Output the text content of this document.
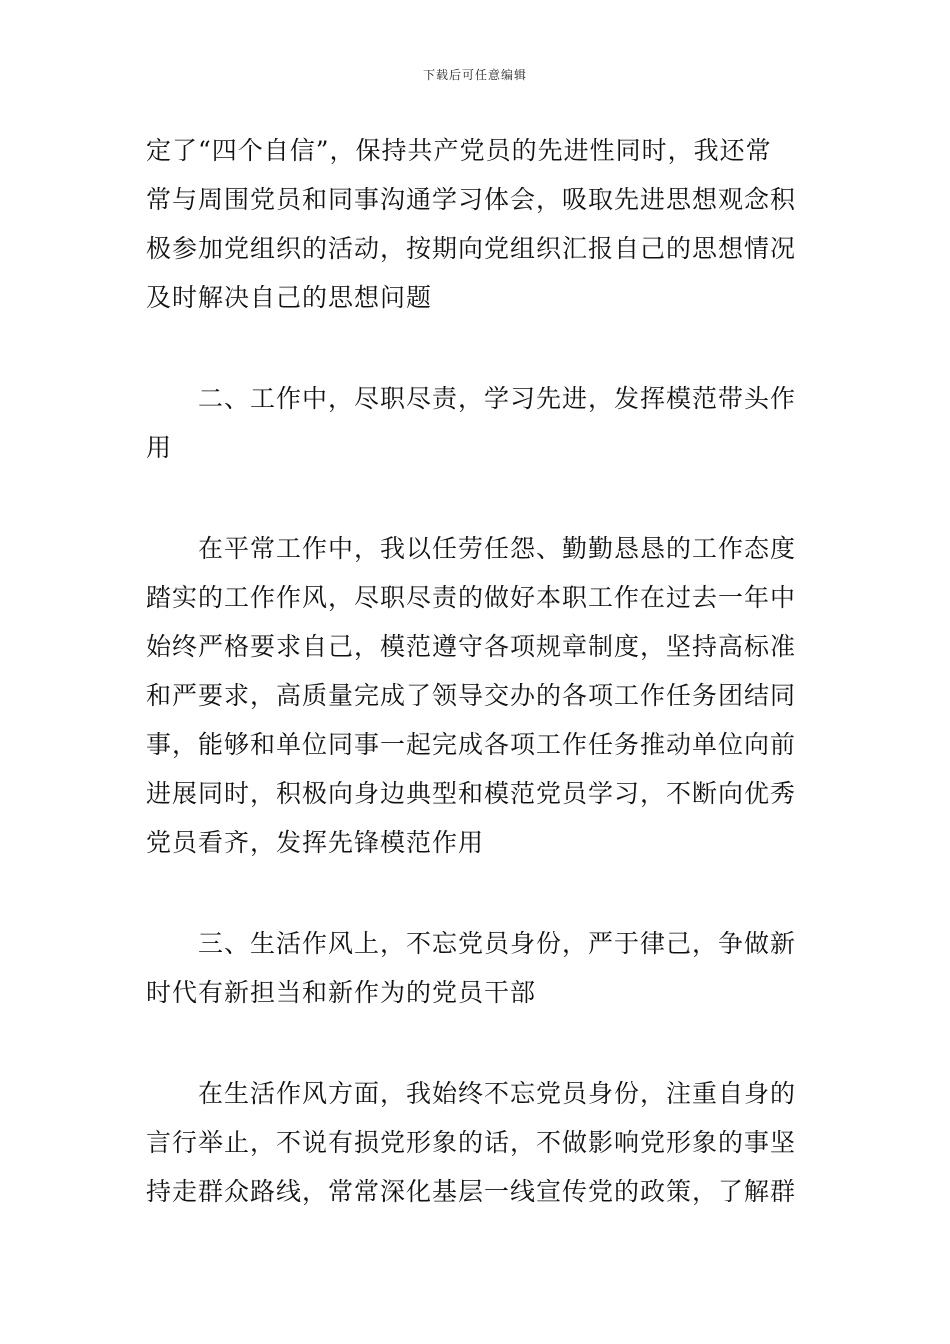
下载后可任意编辑
定了“四个自信”，保持共产党员的先进性同时，我还常
常与周围党员和同事沟通学习体会，吸取先进思想观念积
极参加党组织的活动，按期向党组织汇报自己的思想情况
及时解决自己的思想问题
二、工作中，尽职尽责，学习先进，发挥模范带头作
用
在平常工作中，我以任劳任怨、勤勤恳恳的工作态度
踏实的工作作风，尽职尽责的做好本职工作在过去一年中
始终严格要求自己，模范遵守各项规章制度，坚持高标准
和严要求，高质量完成了领导交办的各项工作任务团结同
事，能够和单位同事一起完成各项工作任务推动单位向前
进展同时，积极向身边典型和模范党员学习，不断向优秀
党员看齐，发挥先锋模范作用
三、生活作风上，不忘党员身份，严于律己，争做新
时代有新担当和新作为的党员干部
在生活作风方面，我始终不忘党员身份，注重自身的
言行举止，不说有损党形象的话，不做影响党形象的事坚
持走群众路线，常常深化基层一线宣传党的政策，了解群
